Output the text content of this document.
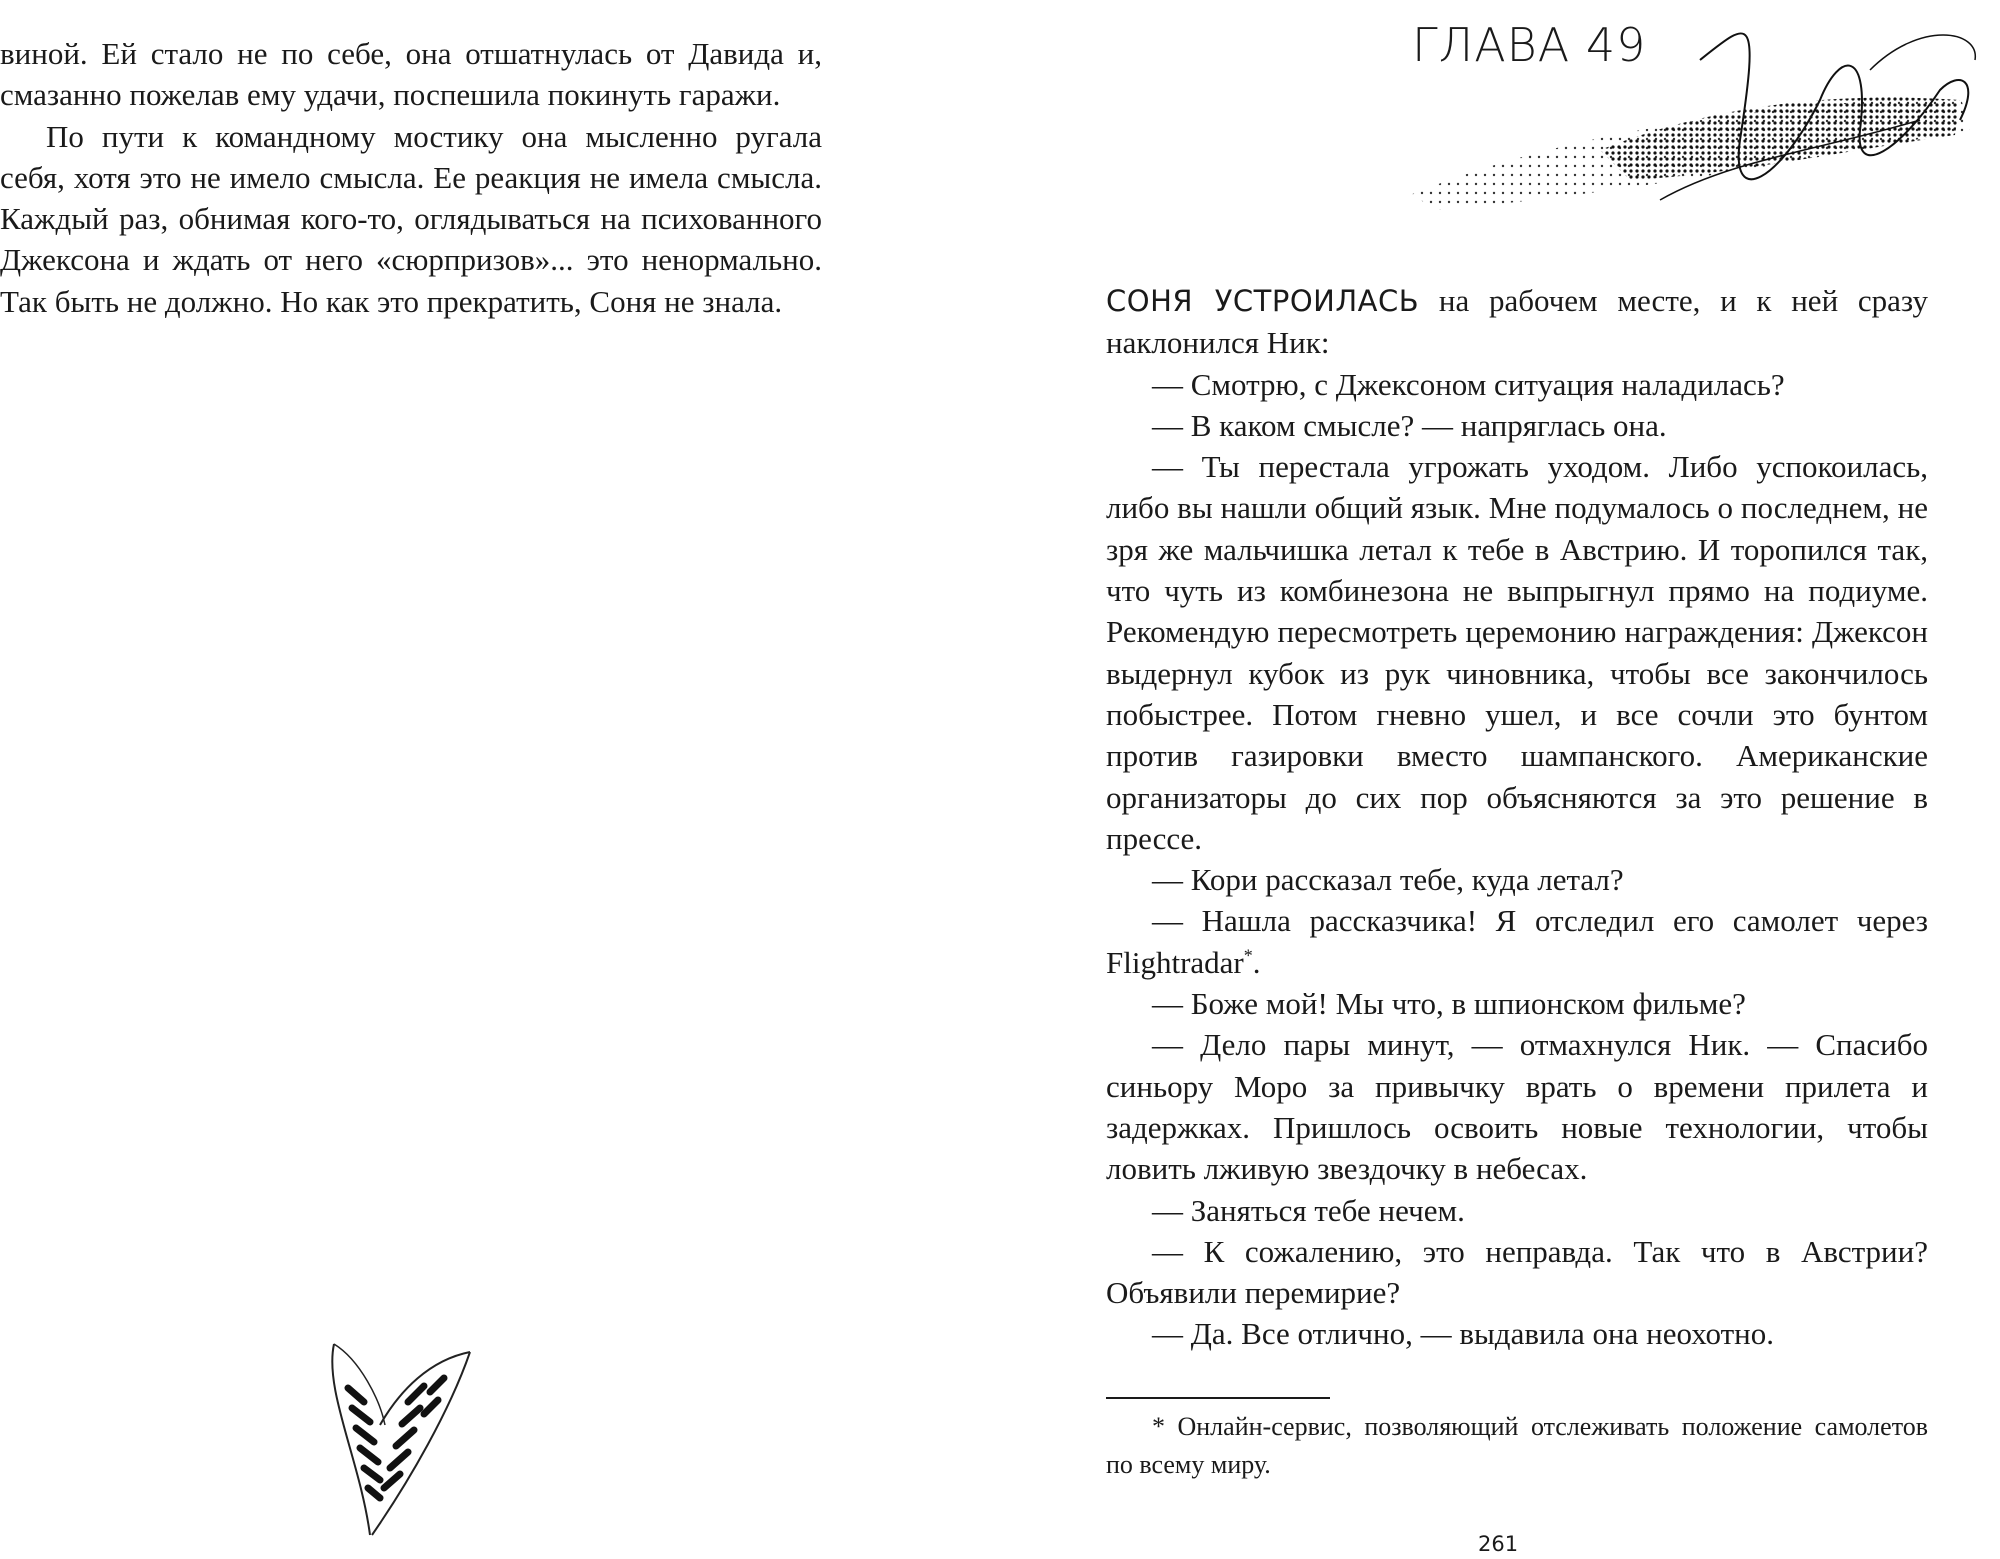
виной. Ей стало не по себе, она отшатнулась от Давида и, смазанно пожелав ему удачи, поспешила покинуть гаражи.

По пути к командному мостику она мысленно ругала себя, хотя это не имело смысла. Ее реакция не имела смысла. Каждый раз, обнимая кого-то, оглядываться на психованного Джексона и ждать от него «сюрпризов»... это ненормально. Так быть не должно. Но как это прекратить, Соня не знала.

ГЛАВА 49

СОНЯ УСТРОИЛАСЬ на рабочем месте, и к ней сразу наклонился Ник:

— Смотрю, с Джексоном ситуация наладилась?

— В каком смысле? — напряглась она.

— Ты перестала угрожать уходом. Либо успокоилась, либо вы нашли общий язык. Мне подумалось о последнем, не зря же мальчишка летал к тебе в Австрию. И торопился так, что чуть из комбинезона не выпрыгнул прямо на подиуме. Рекомендую пересмотреть церемонию награждения: Джексон выдернул кубок из рук чиновника, чтобы все закончилось побыстрее. Потом гневно ушел, и все сочли это бунтом против газировки вместо шампанского. Американские организаторы до сих пор объясняются за это решение в прессе.

— Кори рассказал тебе, куда летал?

— Нашла рассказчика! Я отследил его самолет через Flightradar*.

— Боже мой! Мы что, в шпионском фильме?

— Дело пары минут, — отмахнулся Ник. — Спасибо синьору Моро за привычку врать о времени прилета и задержках. Пришлось освоить новые технологии, чтобы ловить лживую звездочку в небесах.

— Заняться тебе нечем.

— К сожалению, это неправда. Так что в Австрии? Объявили перемирие?

— Да. Все отлично, — выдавила она неохотно.

* Онлайн-сервис, позволяющий отслеживать положение самолетов по всему миру.

261
